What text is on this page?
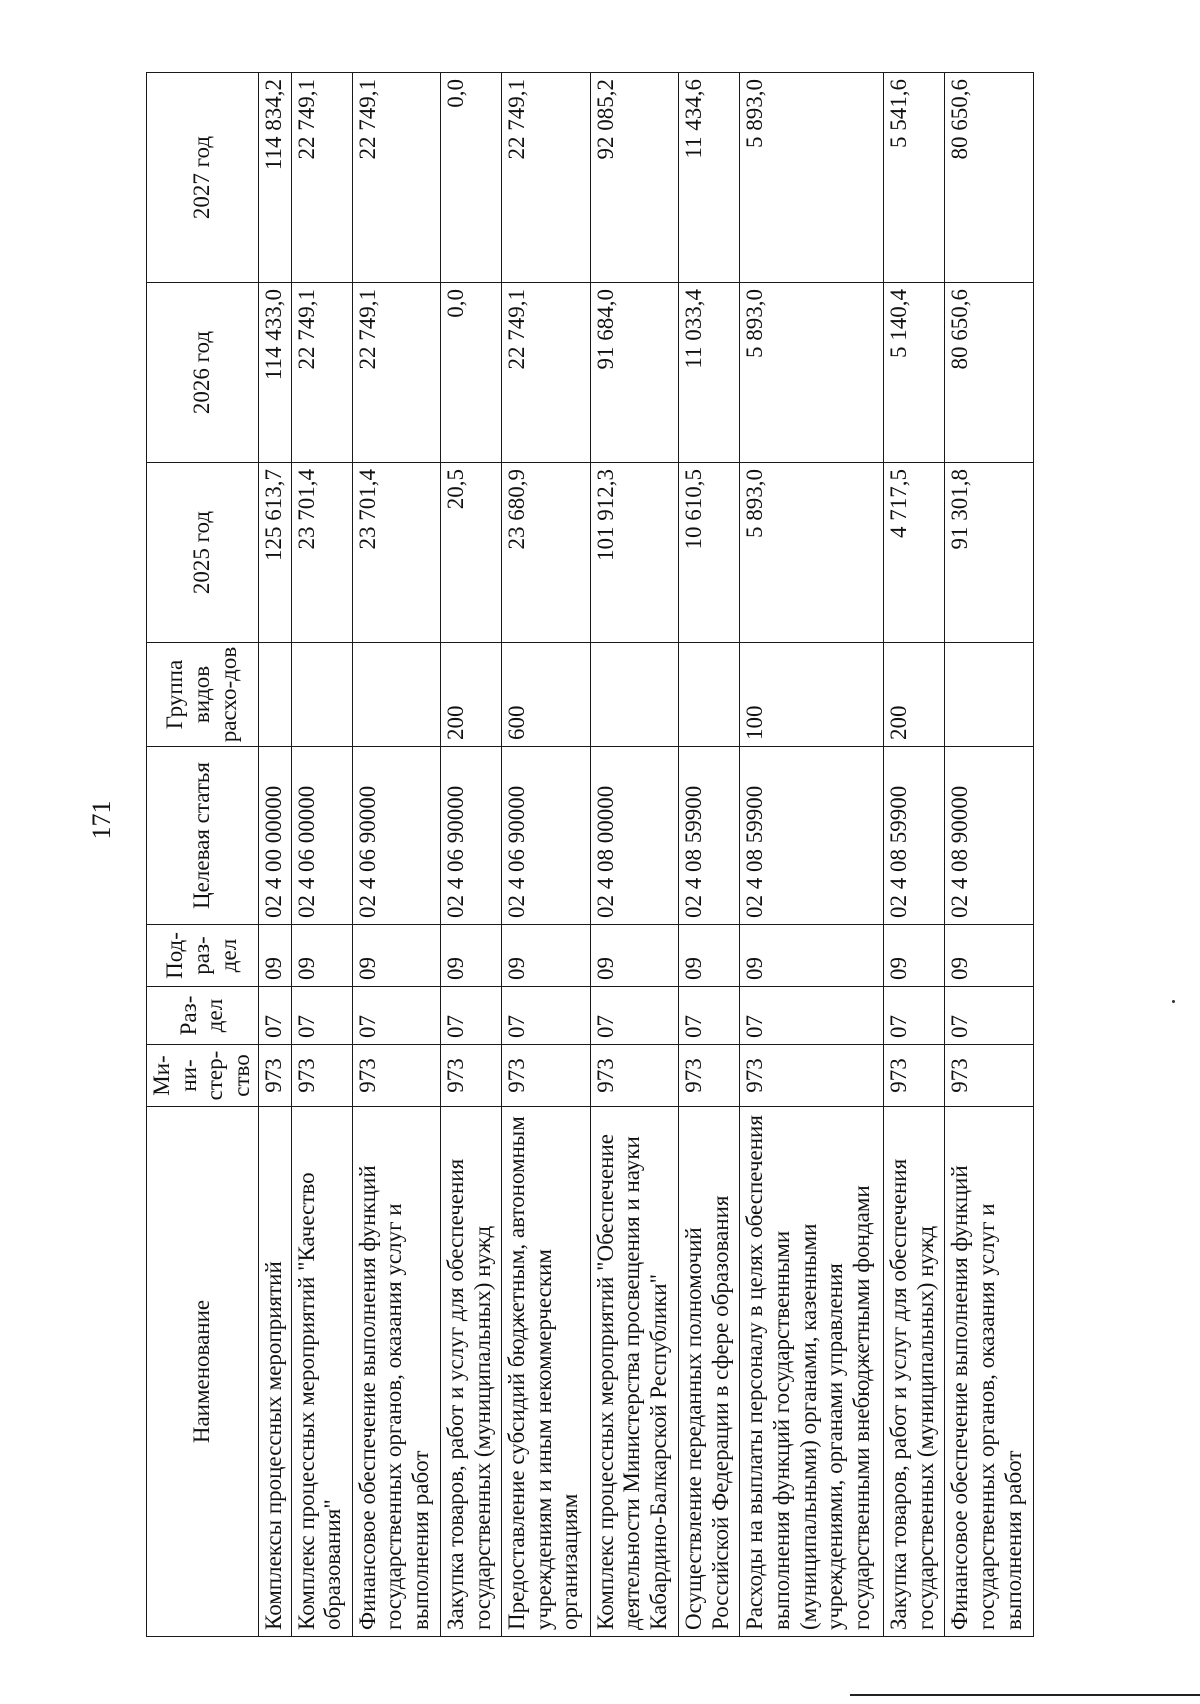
171
Наименование	Ми-ни-стер-ство	Раз-дел	Под-раз-дел	Целевая статья	Группа видов расхо-дов	2025 год	2026 год	2027 год
Комплексы процессных мероприятий	973	07	09	02 4 00 00000		125 613,7	114 433,0	114 834,2
Комплекс процессных мероприятий "Качество образования"	973	07	09	02 4 06 00000		23 701,4	22 749,1	22 749,1
Финансовое обеспечение выполнения функций государственных органов, оказания услуг и выполнения работ	973	07	09	02 4 06 90000		23 701,4	22 749,1	22 749,1
Закупка товаров, работ и услуг для обеспечения государственных (муниципальных) нужд	973	07	09	02 4 06 90000	200	20,5	0,0	0,0
Предоставление субсидий бюджетным, автономным учреждениям и иным некоммерческим организациям	973	07	09	02 4 06 90000	600	23 680,9	22 749,1	22 749,1
Комплекс процессных мероприятий "Обеспечение деятельности Министерства просвещения и науки Кабардино-Балкарской Республики"	973	07	09	02 4 08 00000		101 912,3	91 684,0	92 085,2
Осуществление переданных полномочий Российской Федерации в сфере образования	973	07	09	02 4 08 59900		10 610,5	11 033,4	11 434,6
Расходы на выплаты персоналу в целях обеспечения выполнения функций государственными (муниципальными) органами, казенными учреждениями, органами управления государственными внебюджетными фондами	973	07	09	02 4 08 59900	100	5 893,0	5 893,0	5 893,0
Закупка товаров, работ и услуг для обеспечения государственных (муниципальных) нужд	973	07	09	02 4 08 59900	200	4 717,5	5 140,4	5 541,6
Финансовое обеспечение выполнения функций государственных органов, оказания услуг и выполнения работ	973	07	09	02 4 08 90000		91 301,8	80 650,6	80 650,6
